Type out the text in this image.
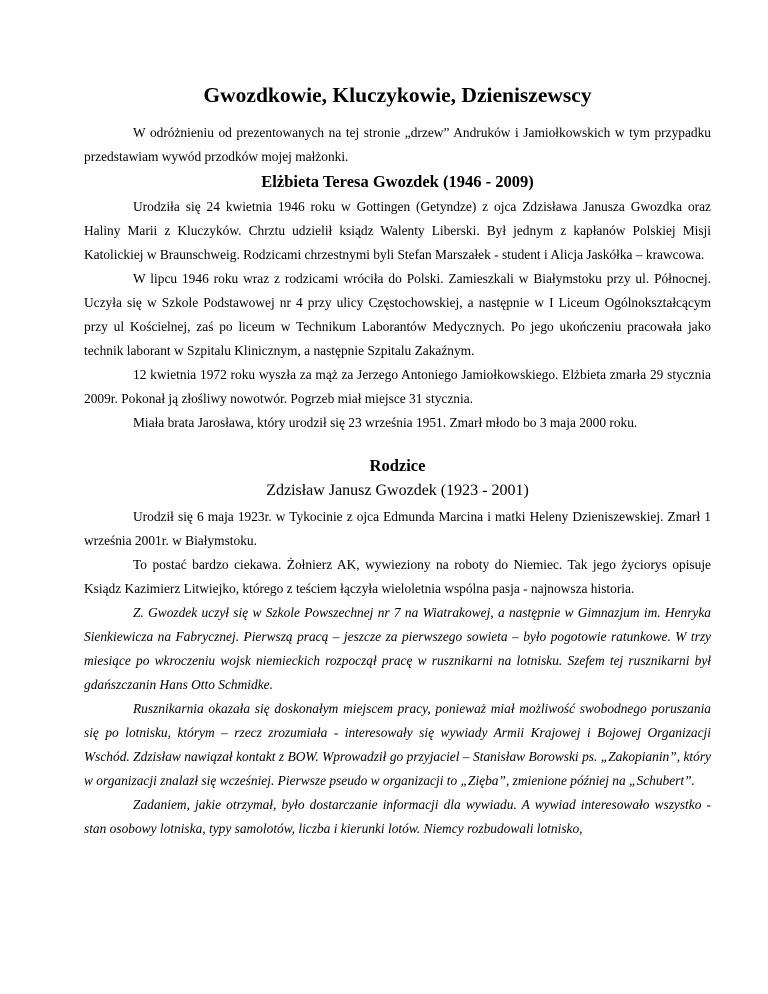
Gwozdkowie, Kluczykowie, Dzieniszewscy

W odróżnieniu od prezentowanych na tej stronie „drzew” Andruków i Jamiołkowskich w tym przypadku przedstawiam wywód przodków mojej małżonki.

Elżbieta Teresa Gwozdek (1946 - 2009)

Urodziła się 24 kwietnia 1946 roku w Gottingen (Getyndze) z ojca Zdzisława Janusza Gwozdka oraz Haliny Marii z Kluczyków. Chrztu udzielił ksiądz Walenty Liberski. Był jednym z kapłanów Polskiej Misji Katolickiej w Braunschweig. Rodzicami chrzestnymi byli Stefan Marszałek - student i Alicja Jaskółka – krawcowa.

W lipcu 1946 roku wraz z rodzicami wróciła do Polski. Zamieszkali w Białymstoku przy ul. Północnej. Uczyła się w Szkole Podstawowej nr 4 przy ulicy Częstochowskiej, a następnie w I Liceum Ogólnokształcącym przy ul Kościelnej, zaś po liceum w Technikum Laborantów Medycznych. Po jego ukończeniu pracowała jako technik laborant w Szpitalu Klinicznym, a następnie Szpitalu Zakaźnym.

12 kwietnia 1972 roku wyszła za mąż za Jerzego Antoniego Jamiołkowskiego. Elżbieta zmarła 29 stycznia 2009r. Pokonał ją złośliwy nowotwór. Pogrzeb miał miejsce 31 stycznia.

Miała brata Jarosława, który urodził się 23 września 1951. Zmarł młodo bo 3 maja 2000 roku.

Rodzice
Zdzisław Janusz Gwozdek (1923 - 2001)

Urodził się 6 maja 1923r. w Tykocinie z ojca Edmunda Marcina i matki Heleny Dzieniszewskiej. Zmarł 1 września 2001r. w Białymstoku.

To postać bardzo ciekawa. Żołnierz AK, wywieziony na roboty do Niemiec. Tak jego życiorys opisuje Ksiądz Kazimierz Litwiejko, którego z teściem łączyła wieloletnia wspólna pasja - najnowsza historia.

Z. Gwozdek uczył się w Szkole Powszechnej nr 7 na Wiatrakowej, a następnie w Gimnazjum im. Henryka Sienkiewicza na Fabrycznej. Pierwszą pracą – jeszcze za pierwszego sowieta – było pogotowie ratunkowe. W trzy miesiące po wkroczeniu wojsk niemieckich rozpoczął pracę w rusznikarni na lotnisku. Szefem tej rusznikarni był gdańszczanin Hans Otto Schmidke.

Rusznikarnia okazała się doskonałym miejscem pracy, ponieważ miał możliwość swobodnego poruszania się po lotnisku, którym – rzecz zrozumiała - interesowały się wywiady Armii Krajowej i Bojowej Organizacji Wschód. Zdzisław nawiązał kontakt z BOW. Wprowadził go przyjaciel – Stanisław Borowski ps. „Zakopianin”, który w organizacji znalazł się wcześniej. Pierwsze pseudo w organizacji to „Zięba”, zmienione później na „Schubert”.

Zadaniem, jakie otrzymał, było dostarczanie informacji dla wywiadu. A wywiad interesowało wszystko - stan osobowy lotniska, typy samolotów, liczba i kierunki lotów. Niemcy rozbudowali lotnisko,
